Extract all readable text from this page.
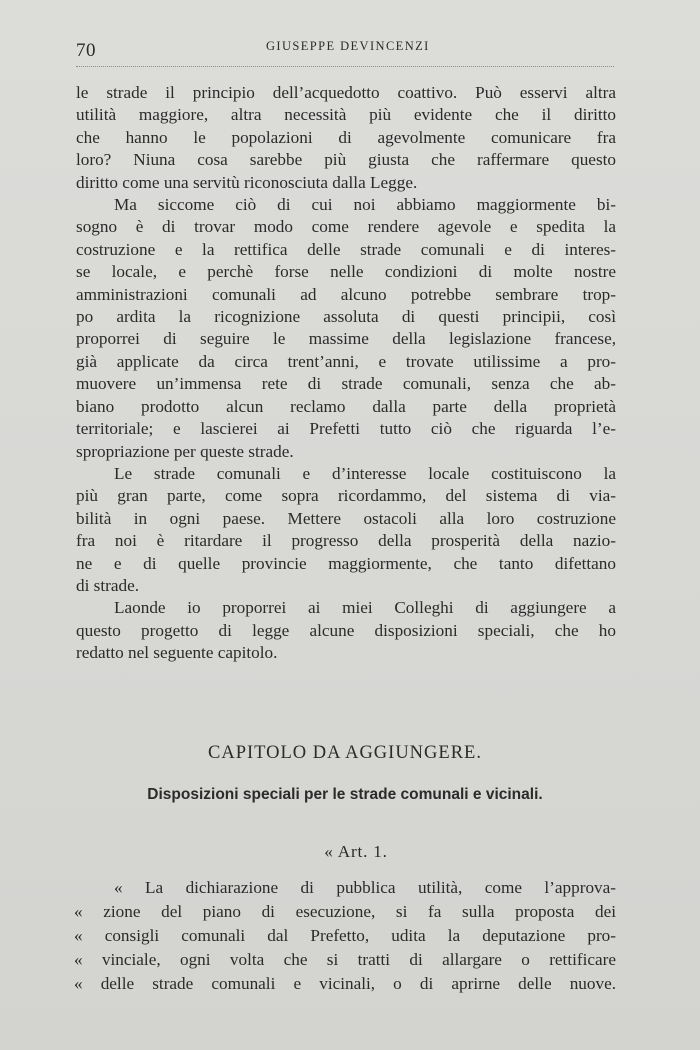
70	GIUSEPPE DEVINCENZI

le strade il principio dell’acquedotto coattivo. Può esservi altra
utilità maggiore, altra necessità più evidente che il diritto
che hanno le popolazioni di agevolmente comunicare fra
loro? Niuna cosa sarebbe più giusta che raffermare questo
diritto come una servitù riconosciuta dalla Legge.

Ma siccome ciò di cui noi abbiamo maggiormente bi-
sogno è di trovar modo come rendere agevole e spedita la
costruzione e la rettifica delle strade comunali e di interes-
se locale, e perchè forse nelle condizioni di molte nostre
amministrazioni comunali ad alcuno potrebbe sembrare trop-
po ardita la ricognizione assoluta di questi principii, così
proporrei di seguire le massime della legislazione francese,
già applicate da circa trent’anni, e trovate utilissime a pro-
muovere un’immensa rete di strade comunali, senza che ab-
biano prodotto alcun reclamo dalla parte della proprietà
territoriale; e lascierei ai Prefetti tutto ciò che riguarda l’e-
spropriazione per queste strade.

Le strade comunali e d’interesse locale costituiscono la
più gran parte, come sopra ricordammo, del sistema di via-
bilità in ogni paese. Mettere ostacoli alla loro costruzione
fra noi è ritardare il progresso della prosperità della nazio-
ne e di quelle provincie maggiormente, che tanto difettano
di strade.

Laonde io proporrei ai miei Colleghi di aggiungere a
questo progetto di legge alcune disposizioni speciali, che ho
redatto nel seguente capitolo.

CAPITOLO DA AGGIUNGERE.
Disposizioni speciali per le strade comunali e vicinali.
« Art. 1.
« La dichiarazione di pubblica utilità, come l’approva-
« zione del piano di esecuzione, si fa sulla proposta dei
« consigli comunali dal Prefetto, udita la deputazione pro-
« vinciale, ogni volta che si tratti di allargare o rettificare
« delle strade comunali e vicinali, o di aprirne delle nuove.
